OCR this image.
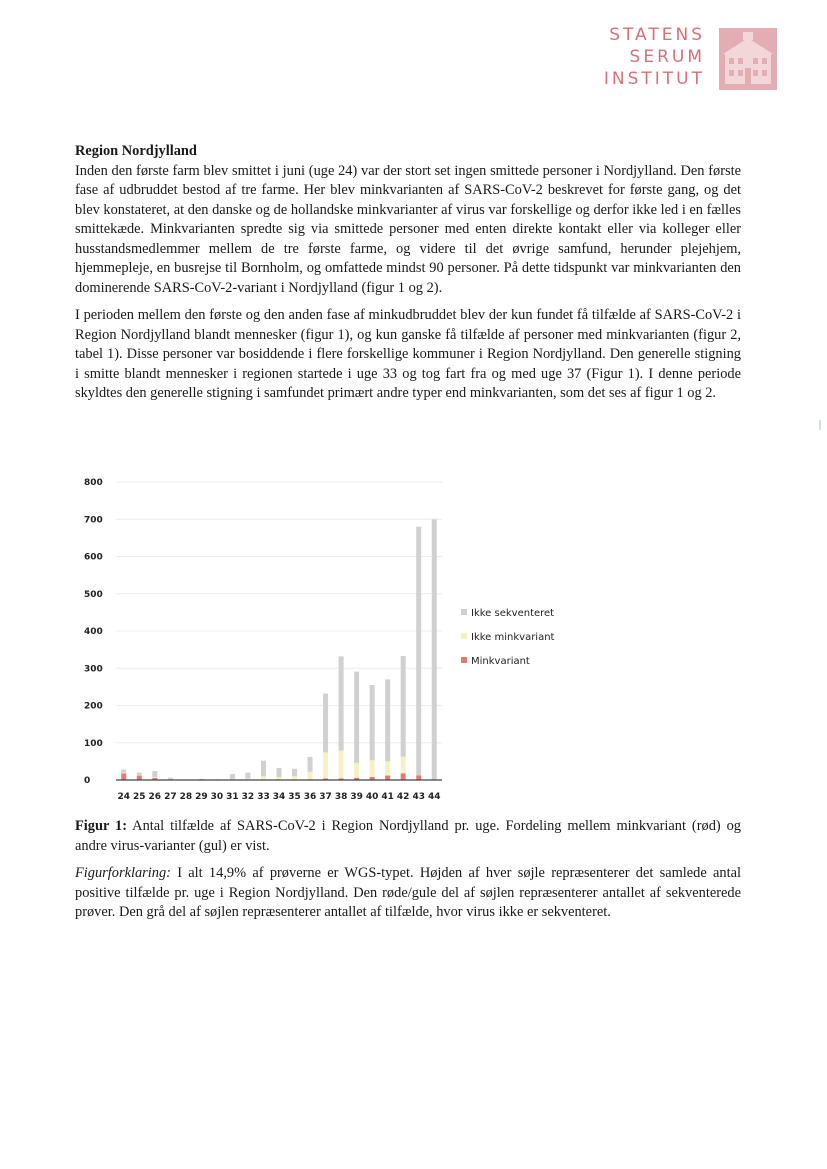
STATENS
SERUM
INSTITUT
Region Nordjylland

Inden den første farm blev smittet i juni (uge 24) var der stort set ingen smittede personer i Nordjylland. Den første fase af udbruddet bestod af tre farme. Her blev minkvarianten af SARS-CoV-2 beskrevet for første gang, og det blev konstateret, at den danske og de hollandske minkvarianter af virus var forskellige og derfor ikke led i en fælles smittekæde. Minkvarianten spredte sig via smittede personer med enten direkte kontakt eller via kolleger eller husstandsmedlemmer mellem de tre første farme, og videre til det øvrige samfund, herunder plejehjem, hjemmepleje, en busrejse til Bornholm, og omfattede mindst 90 personer. På dette tidspunkt var minkvarianten den dominerende SARS-CoV-2-variant i Nordjylland (figur 1 og 2).

I perioden mellem den første og den anden fase af minkudbruddet blev der kun fundet få tilfælde af SARS-CoV-2 i Region Nordjylland blandt mennesker (figur 1), og kun ganske få tilfælde af personer med minkvarianten (figur 2, tabel 1). Disse personer var bosiddende i flere forskellige kommuner i Region Nordjylland. Den generelle stigning i smitte blandt mennesker i regionen startede i uge 33 og tog fart fra og med uge 37 (Figur 1). I denne periode skyldtes den generelle stigning i samfundet primært andre typer end minkvarianten, som det ses af figur 1 og 2.

0
100
200
300
400
500
600
700
800
24 25 26 27 28 29 30 31 32 33 34 35 36 37 38 39 40 41 42 43 44
Ikke sekventeret
Ikke minkvariant
Minkvariant

Figur 1: Antal tilfælde af SARS-CoV-2 i Region Nordjylland pr. uge. Fordeling mellem minkvariant (rød) og andre virus-varianter (gul) er vist.

Figurforklaring: I alt 14,9% af prøverne er WGS-typet. Højden af hver søjle repræsenterer det samlede antal positive tilfælde pr. uge i Region Nordjylland. Den røde/gule del af søjlen repræsenterer antallet af sekventerede prøver. Den grå del af søjlen repræsenterer antallet af tilfælde, hvor virus ikke er sekventeret.
